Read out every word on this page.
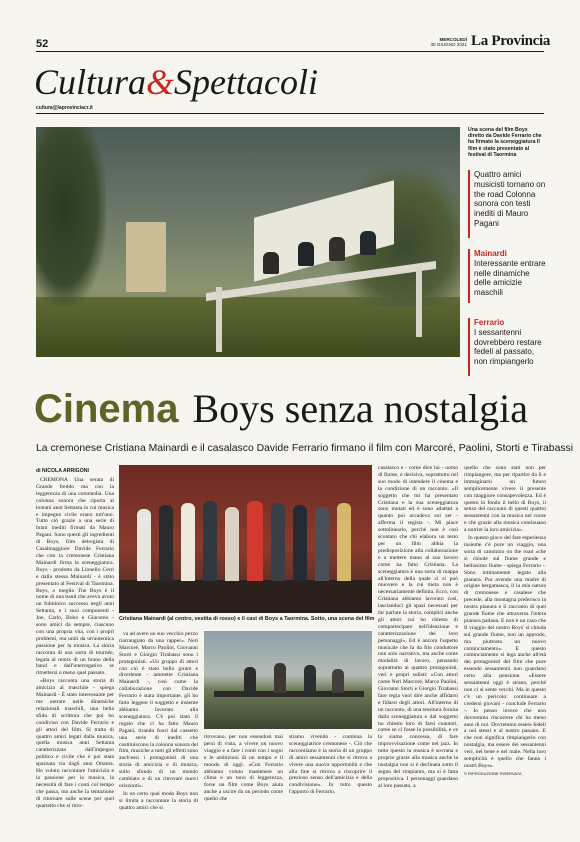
52	MERCOLEDÌ
30 GIUGNO 2021 La Provincia
Cultura&Spettacoli
cultura@laprovinciacr.it
Una scena del film Boys diretto da Davide Ferrario che ha firmato la sceneggiatura Il film è stato presentato al festival di Taormina
Quattro amici musicisti tornano on the road Colonna sonora con testi inediti di Mauro Pagani
Mainardi
Interessante entrare nelle dinamiche delle amicizie maschili
Ferrario
I sessantenni dovrebbero restare fedeli al passato, non rimpiangerlo
Cinema Boys senza nostalgia
La cremonese Cristiana Mainardi e il casalasco Davide Ferrario firmano il film con Marcoré, Paolini, Storti e Tirabassi
di NICOLA ARRIGONI

CREMONA Una serata di Grande freddo ma con la leggerezza di una commedia. Una colonna sonora che riporta ai lontani anni Settanta in cui musica e impegno civile erano tutt'uno. Tutto ciò grazie a una serie di brani inediti firmati da Mauro Pagani. Sono questi gli ingredienti di Boys, film delregista di Casalmaggiore Davide Ferrario che con la cremonese Cristiana Mainardi firma la sceneggiatura. Boys - prodotto da Lionello Cerri e dalla stessa Mainardi - è stato presentato al Festival di Taormina. Boys, o meglio The Boys è il nome di una band che aveva avuto un fulminico successo negli anni Settanta, e i suoi componenti - Joe, Carlo, Bobo e Giacomo - sono amici da sempre, ciascuno con una propria vita, con i propri problemi, ma uniti da un'autentica passione per la musica. La storia racconta di una sorta di tournée, legata al remix di un brano della band e dall'interrogativo se rimettersi o meno quel passato.

«Boys racconta una storia di amicizia al maschile - spiega Mainardi - È stato interessante per me entrare nelle dinamiche relazionali maschili, una bella sfida di scrittura che poi ho condiviso con Davide Ferrario e gli attori del film. Si tratta di quattro amici legati dalla musica, quella musica anni Settanta caratterizzata dall'impegno politico e civile che è poi stata spazzata via dagli anni Ottanta. Ho voluto raccontare l'amicizia e la passione per la musica, la necessità di fare i conti col tempo che passa, ma anche la tentazione di ritornare sulle scene per quel quartetto che si ritro-

Cristiana Mainardi (al centro, vestita di rosso) e il cast di Boys a Taormina. Sotto, una scena del film

va ad avere un suo vecchio pezzo riarrangiato da una rapper». Neri Marcoré, Marco Paolini, Giovanni Storti e Giorgio Tirabassi sono i protagonisti. «Un gruppo di attori con cui è stato bello girare e divertente - ammette Cristiana Mainardi -, così come la collaborazione con Davide Ferrario è stata importante, gli ho fatto leggere il soggetto e insieme abbiamo lavorato alla sceneggiatura. C'è poi stato il regalo che ci ha fatto Mauro Pagani, tirando fuori dal cassetto una serie di inediti che costituiscono la colonna sonora del film, musiche a tutti gli effetti sono anch'essi i protagonisti di una storia di amicizia e di musica, sullo sfondo di un mondo cambiato e di un ritrovare nuovi orizzonti».

In un certo qual modo Boys non si limita a raccontare la storia di quattro amici che si

ritrovano, per non essendosi mai persi di vista, a vivere un nuovo viaggio e a fare i conti con i sogni e le ambizioni di un tempo e il mondo di oggi. «Con Ferrario abbiamo voluto mantenere un clima e un tono di leggerezza, forse un film come Boys aiuta anche a uscire da un periodo come quello che

stiamo vivendo - continua la sceneggiatrice cremonese -. Ciò che raccontiamo è la storia di un gruppo di amici sessantenni che si ritrova a vivere una nuova opportunità e che alla fine si ritrova a riscoprire il prezioso senso dell'amicizia e della condivisione». In tutto questo l'apporto di Ferrario,

casalasco e - come dice lui - uomo di fiume, è decisiva, soprattutto nel suo modo di intendere il cinema e la condizione di un racconto. «Il soggetto che mi ha presentato Cristiana e la sua sceneggiatura sono mutati ed è sono adattati a quanto poi accadeva sul set - afferma il regista -. Mi piace sottolinearlo, perché non è così scontato che chi elabora un testo per un film abbia la predisposizione alla collaborazione e a mettere mano al suo lavoro come ha fatto Cristiana. La sceneggiatura è una sorta di mappa all'interno della quale ci si può muovere e la cui meta non è necessariamente definita. Ecco, con Cristiana abbiamo lavorato così, lasciandoci gli spazi necessari per far parlare la storia, complici anche gli attori cui ho chiesto di compartecipare nell'ideazione e caratterizzazione dei loro personaggi». Ed è ancora l'aspetto musicale che fa da filo conduttore non solo narrativo, ma anche come modalità di lavoro, pensando soprattutto ai quattro protagonisti, veri e propri solisti: «Con attori come Neri Marcoré, Marco Paolini, Giovanni Storti e Giorgio Tirabassi fare regia vuol dire anche affidarsi e fidarsi degli attori. All'interno di un racconto, di una tessitura fornita dalla sceneggiatura e dal soggetto ho chiesto loro di farsi coautori, come se ci fosse la possibilità, e ce la siamo concessa, di fare improvvisazione come nel jazz. In tutto questo la musica è sovrana e proprio grazie alla musica anche la nostalgia non si è declinata sotto il segno del rimpianto, ma si è fatta propositiva. I personaggi guardano al loro passato, a

quello che sono stati non per rimpiangere, ma per ripartire da lì e immaginarsi un futuro semplicemente vivere il presente con maggiore consapevolezza. Ed è questo in fondo il bello di Boys, il senso del racconto di questi quattro sessantenni con la musica nel cuore e che grazie alla musica continuano a nutrire la loro amicizia».

In questo gioco del fare esperienza insieme c'è pure un viaggio, una sorta di cammino on the road «che si chiude sul fiume grande e bellissimo fiume - spiega Ferrario -. Sono intimamente legato alla pianura. Pur avendo una madre di origine bergamasca, il la mia natura di cremonese e casalese che precede, alla montagna preferisco la nostra pianura e il racconto di quel grande fiume che attraversa l'intera pianura padana. E non è un caso che Il viaggio del nostro Boys' si chiuda sul grande fiume, non un approdo, ma piuttosto un nuovo cominciamento». E questo cominciamento si lega anche all'età dei protagonisti del film che pure essendo sessantenni non guardano certo alla pensione. «Essere sessantenni oggi è strano, perché non ci si sente vecchi. Ma in questo c'è un pericolo: continuare a credersi giovani - conclude Ferrario -. Io penso invece che non dovremmo rincorrere chi ha meno anni di noi. Dovremmo essere fedeli a noi stessi e al nostro passato. E che non significa rimpiangerlo con nostalgia, ma essere dei sessantenni veri, nel bene e nel male. Nella loro semplicità è quello che fanno i nostri Boys».

© RIPRODUZIONE RISERVATA
